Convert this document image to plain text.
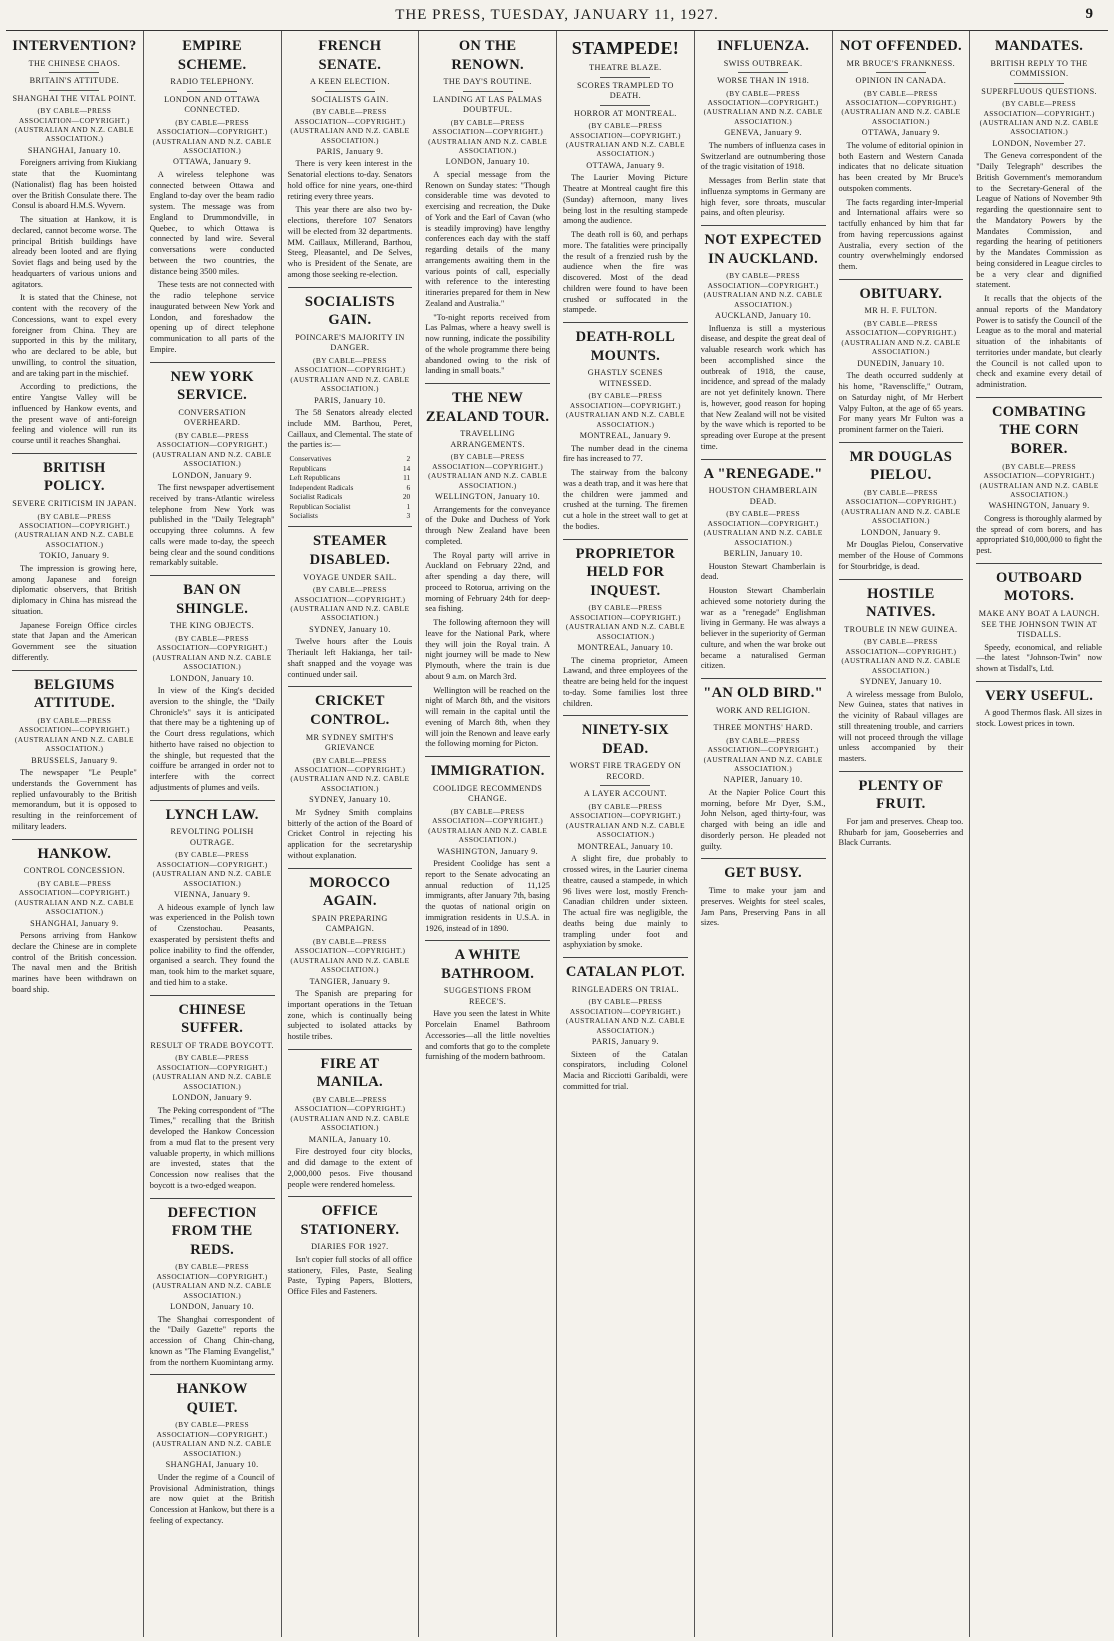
THE PRESS, TUESDAY, JANUARY 11, 1927.	9
INTERVENTION?
THE CHINESE CHAOS.
BRITAIN'S ATTITUDE.
SHANGHAI THE VITAL POINT.
(BY CABLE—PRESS ASSOCIATION—COPYRIGHT.) (AUSTRALIAN AND N.Z. CABLE ASSOCIATION.)
SHANGHAI, January 10.

Foreigners arriving from Kiukiang state that the Kuomintang (Nationalist) flag has been hoisted over the British Consulate there. The Consul is aboard H.M.S. Wyvern.

The situation at Hankow, it is declared, cannot become worse. The principal British buildings have already been looted and are flying Soviet flags and being used by the headquarters of various unions and agitators.

It is stated that the Chinese, not content with the recovery of the Concessions, want to expel every foreigner from China. They are supported in this by the military, who are declared to be able, but unwilling, to control the situation, and are taking part in the mischief.

According to predictions, the entire Yangtse Valley will be influenced by Hankow events, and the present wave of anti-foreign feeling and violence will run its course until it reaches Shanghai.

BRITISH POLICY.
SEVERE CRITICISM IN JAPAN.
(BY CABLE—PRESS ASSOCIATION—COPYRIGHT.) (AUSTRALIAN AND N.Z. CABLE ASSOCIATION.)
TOKIO, January 9.

The impression is growing here, among Japanese and foreign diplomatic observers, that British diplomacy in China has misread the situation.

Japanese Foreign Office circles state that Japan and the American Government see the situation differently.

BELGIUMS ATTITUDE.
(BY CABLE—PRESS ASSOCIATION—COPYRIGHT.) (AUSTRALIAN AND N.Z. CABLE ASSOCIATION.)
BRUSSELS, January 9.

The newspaper "Le Peuple" understands the Government has replied unfavourably to the British memorandum, but it is opposed to resulting in the reinforcement of military leaders.

HANKOW.
CONTROL CONCESSION.
(BY CABLE—PRESS ASSOCIATION—COPYRIGHT.) (AUSTRALIAN AND N.Z. CABLE ASSOCIATION.)
SHANGHAI, January 9.

Persons arriving from Hankow declare the Chinese are in complete control of the British concession. The naval men and the British marines have been withdrawn on board ship.

EMPIRE SCHEME.
RADIO TELEPHONY.
LONDON AND OTTAWA CONNECTED.
(BY CABLE—PRESS ASSOCIATION—COPYRIGHT.) (AUSTRALIAN AND N.Z. CABLE ASSOCIATION.)
OTTAWA, January 9.

A wireless telephone was connected between Ottawa and England to-day over the beam radio system. The message was from England to Drummondville, in Quebec, to which Ottawa is connected by land wire. Several conversations were conducted between the two countries, the distance being 3500 miles.

These tests are not connected with the radio telephone service inaugurated between New York and London, and foreshadow the opening up of direct telephone communication to all parts of the Empire.

NEW YORK SERVICE.
CONVERSATION OVERHEARD.
(BY CABLE—PRESS ASSOCIATION—COPYRIGHT.) (AUSTRALIAN AND N.Z. CABLE ASSOCIATION.)
LONDON, January 9.

The first newspaper advertisement received by trans-Atlantic wireless telephone from New York was published in the "Daily Telegraph" occupying three columns. A few calls were made to-day, the speech being clear and the sound conditions remarkably suitable.

BAN ON SHINGLE.
THE KING OBJECTS.
(BY CABLE—PRESS ASSOCIATION—COPYRIGHT.) (AUSTRALIAN AND N.Z. CABLE ASSOCIATION.)
LONDON, January 10.

In view of the King's decided aversion to the shingle, the "Daily Chronicle's" says it is anticipated that there may be a tightening up of the Court dress regulations, which hitherto have raised no objection to the shingle, but requested that the coiffure be arranged in order not to interfere with the correct adjustments of plumes and veils.

LYNCH LAW.
REVOLTING POLISH OUTRAGE.
(BY CABLE—PRESS ASSOCIATION—COPYRIGHT.) (AUSTRALIAN AND N.Z. CABLE ASSOCIATION.)
VIENNA, January 9.

A hideous example of lynch law was experienced in the Polish town of Czenstochau. Peasants, exasperated by persistent thefts and police inability to find the offender, organised a search. They found the man, took him to the market square, and tied him to a stake.

CHINESE SUFFER.
RESULT OF TRADE BOYCOTT.
(BY CABLE—PRESS ASSOCIATION—COPYRIGHT.) (AUSTRALIAN AND N.Z. CABLE ASSOCIATION.)
LONDON, January 9.

The Peking correspondent of "The Times," recalling that the British developed the Hankow Concession from a mud flat to the present very valuable property, in which millions are invested, states that the Concession now realises that the boycott is a two-edged weapon.

DEFECTION FROM THE REDS.
(BY CABLE—PRESS ASSOCIATION—COPYRIGHT.) (AUSTRALIAN AND N.Z. CABLE ASSOCIATION.)
LONDON, January 10.

The Shanghai correspondent of the "Daily Gazette" reports the accession of Chang Chin-chang, known as "The Flaming Evangelist," from the northern Kuomintang army.

HANKOW QUIET.
(BY CABLE—PRESS ASSOCIATION—COPYRIGHT.) (AUSTRALIAN AND N.Z. CABLE ASSOCIATION.)
SHANGHAI, January 10.

Under the regime of a Council of Provisional Administration, things are now quiet at the British Concession at Hankow, but there is a feeling of expectancy.

FRENCH SENATE.
A KEEN ELECTION.
SOCIALISTS GAIN.
(BY CABLE—PRESS ASSOCIATION—COPYRIGHT.) (AUSTRALIAN AND N.Z. CABLE ASSOCIATION.)
PARIS, January 9.

There is very keen interest in the Senatorial elections to-day. Senators hold office for nine years, one-third retiring every three years.

This year there are also two by-elections, therefore 107 Senators will be elected from 32 departments. MM. Caillaux, Millerand, Barthou, Steeg, Pleasantel, and De Selves, who is President of the Senate, are among those seeking re-election.

SOCIALISTS GAIN.
POINCARE'S MAJORITY IN DANGER.
(BY CABLE—PRESS ASSOCIATION—COPYRIGHT.) (AUSTRALIAN AND N.Z. CABLE ASSOCIATION.)
PARIS, January 10.

The 58 Senators already elected include MM. Barthou, Peret, Caillaux, and Clemental. The state of the parties is:—

Conservatives	2
Republicans	14
Left Republicans	11
Independent Radicals	6
Socialist Radicals	20
Republican Socialist	1
Socialists	3
STEAMER DISABLED.
VOYAGE UNDER SAIL.
(BY CABLE—PRESS ASSOCIATION—COPYRIGHT.) (AUSTRALIAN AND N.Z. CABLE ASSOCIATION.)
SYDNEY, January 10.

Twelve hours after the Louis Theriault left Hakianga, her tail-shaft snapped and the voyage was continued under sail.

CRICKET CONTROL.
MR SYDNEY SMITH'S GRIEVANCE
(BY CABLE—PRESS ASSOCIATION—COPYRIGHT.) (AUSTRALIAN AND N.Z. CABLE ASSOCIATION.)
SYDNEY, January 10.

Mr Sydney Smith complains bitterly of the action of the Board of Cricket Control in rejecting his application for the secretaryship without explanation.

MOROCCO AGAIN.
SPAIN PREPARING CAMPAIGN.
(BY CABLE—PRESS ASSOCIATION—COPYRIGHT.) (AUSTRALIAN AND N.Z. CABLE ASSOCIATION.)
TANGIER, January 9.

The Spanish are preparing for important operations in the Tetuan zone, which is continually being subjected to isolated attacks by hostile tribes.

FIRE AT MANILA.
(BY CABLE—PRESS ASSOCIATION—COPYRIGHT.) (AUSTRALIAN AND N.Z. CABLE ASSOCIATION.)
MANILA, January 10.

Fire destroyed four city blocks, and did damage to the extent of 2,000,000 pesos. Five thousand people were rendered homeless.

OFFICE STATIONERY.
DIARIES FOR 1927.

Isn't copier full stocks of all office stationery, Files, Paste, Sealing Paste, Typing Papers, Blotters, Office Files and Fasteners.

ON THE RENOWN.
THE DAY'S ROUTINE.
LANDING AT LAS PALMAS DOUBTFUL.
(BY CABLE—PRESS ASSOCIATION—COPYRIGHT.) (AUSTRALIAN AND N.Z. CABLE ASSOCIATION.)
LONDON, January 10.

A special message from the Renown on Sunday states: "Though considerable time was devoted to exercising and recreation, the Duke of York and the Earl of Cavan (who is steadily improving) have lengthy conferences each day with the staff regarding details of the many arrangements awaiting them in the various points of call, especially with reference to the interesting itineraries prepared for them in New Zealand and Australia."

"To-night reports received from Las Palmas, where a heavy swell is now running, indicate the possibility of the whole programme there being abandoned owing to the risk of landing in small boats."

THE NEW ZEALAND TOUR.
TRAVELLING ARRANGEMENTS.
(BY CABLE—PRESS ASSOCIATION—COPYRIGHT.) (AUSTRALIAN AND N.Z. CABLE ASSOCIATION.)
WELLINGTON, January 10.

Arrangements for the conveyance of the Duke and Duchess of York through New Zealand have been completed.

The Royal party will arrive in Auckland on February 22nd, and after spending a day there, will proceed to Rotorua, arriving on the morning of February 24th for deep-sea fishing.

The following afternoon they will leave for the National Park, where they will join the Royal train. A night journey will be made to New Plymouth, where the train is due about 9 a.m. on March 3rd.

Wellington will be reached on the night of March 8th, and the visitors will remain in the capital until the evening of March 8th, when they will join the Renown and leave early the following morning for Picton.

IMMIGRATION.
COOLIDGE RECOMMENDS CHANGE.
(BY CABLE—PRESS ASSOCIATION—COPYRIGHT.) (AUSTRALIAN AND N.Z. CABLE ASSOCIATION.)
WASHINGTON, January 9.

President Coolidge has sent a report to the Senate advocating an annual reduction of 11,125 immigrants, after January 7th, basing the quotas of national origin on immigration residents in U.S.A. in 1926, instead of in 1890.

A WHITE BATHROOM.
SUGGESTIONS FROM REECE'S.

Have you seen the latest in White Porcelain Enamel Bathroom Accessories—all the little novelties and comforts that go to the complete furnishing of the modern bathroom.

STAMPEDE!
THEATRE BLAZE.
SCORES TRAMPLED TO DEATH.
HORROR AT MONTREAL.
(BY CABLE—PRESS ASSOCIATION—COPYRIGHT.) (AUSTRALIAN AND N.Z. CABLE ASSOCIATION.)
OTTAWA, January 9.

The Laurier Moving Picture Theatre at Montreal caught fire this (Sunday) afternoon, many lives being lost in the resulting stampede among the audience.

The death roll is 60, and perhaps more. The fatalities were principally the result of a frenzied rush by the audience when the fire was discovered. Most of the dead children were found to have been crushed or suffocated in the stampede.

DEATH-ROLL MOUNTS.
GHASTLY SCENES WITNESSED.
(BY CABLE—PRESS ASSOCIATION—COPYRIGHT.) (AUSTRALIAN AND N.Z. CABLE ASSOCIATION.)
MONTREAL, January 9.

The number dead in the cinema fire has increased to 77.

The stairway from the balcony was a death trap, and it was here that the children were jammed and crushed at the turning. The firemen cut a hole in the street wall to get at the bodies.

PROPRIETOR HELD FOR INQUEST.
(BY CABLE—PRESS ASSOCIATION—COPYRIGHT.) (AUSTRALIAN AND N.Z. CABLE ASSOCIATION.)
MONTREAL, January 10.

The cinema proprietor, Ameen Lawand, and three employees of the theatre are being held for the inquest to-day. Some families lost three children.

NINETY-SIX DEAD.
WORST FIRE TRAGEDY ON RECORD.
A LAYER ACCOUNT.
(BY CABLE—PRESS ASSOCIATION—COPYRIGHT.) (AUSTRALIAN AND N.Z. CABLE ASSOCIATION.)
MONTREAL, January 10.

A slight fire, due probably to crossed wires, in the Laurier cinema theatre, caused a stampede, in which 96 lives were lost, mostly French-Canadian children under sixteen. The actual fire was negligible, the deaths being due mainly to trampling under foot and asphyxiation by smoke.

CATALAN PLOT.
RINGLEADERS ON TRIAL.
(BY CABLE—PRESS ASSOCIATION—COPYRIGHT.) (AUSTRALIAN AND N.Z. CABLE ASSOCIATION.)
PARIS, January 9.

Sixteen of the Catalan conspirators, including Colonel Macia and Ricciotti Garibaldi, were committed for trial.

INFLUENZA.
SWISS OUTBREAK.
WORSE THAN IN 1918.
(BY CABLE—PRESS ASSOCIATION—COPYRIGHT.) (AUSTRALIAN AND N.Z. CABLE ASSOCIATION.)
GENEVA, January 9.

The numbers of influenza cases in Switzerland are outnumbering those of the tragic visitation of 1918.

Messages from Berlin state that influenza symptoms in Germany are high fever, sore throats, muscular pains, and often pleurisy.

NOT EXPECTED IN AUCKLAND.
(BY CABLE—PRESS ASSOCIATION—COPYRIGHT.) (AUSTRALIAN AND N.Z. CABLE ASSOCIATION.)
AUCKLAND, January 10.

Influenza is still a mysterious disease, and despite the great deal of valuable research work which has been accomplished since the outbreak of 1918, the cause, incidence, and spread of the malady are not yet definitely known. There is, however, good reason for hoping that New Zealand will not be visited by the wave which is reported to be spreading over Europe at the present time.

A "RENEGADE."
HOUSTON CHAMBERLAIN DEAD.
(BY CABLE—PRESS ASSOCIATION—COPYRIGHT.) (AUSTRALIAN AND N.Z. CABLE ASSOCIATION.)
BERLIN, January 10.

Houston Stewart Chamberlain is dead.

Houston Stewart Chamberlain achieved some notoriety during the war as a "renegade" Englishman living in Germany. He was always a believer in the superiority of German culture, and when the war broke out became a naturalised German citizen.

"AN OLD BIRD."
WORK AND RELIGION.
THREE MONTHS' HARD.
(BY CABLE—PRESS ASSOCIATION—COPYRIGHT.) (AUSTRALIAN AND N.Z. CABLE ASSOCIATION.)
NAPIER, January 10.

At the Napier Police Court this morning, before Mr Dyer, S.M., John Nelson, aged thirty-four, was charged with being an idle and disorderly person. He pleaded not guilty.

GET BUSY.

Time to make your jam and preserves. Weights for steel scales, Jam Pans, Preserving Pans in all sizes.

NOT OFFENDED.
MR BRUCE'S FRANKNESS.
OPINION IN CANADA.
(BY CABLE—PRESS ASSOCIATION—COPYRIGHT.) (AUSTRALIAN AND N.Z. CABLE ASSOCIATION.)
OTTAWA, January 9.

The volume of editorial opinion in both Eastern and Western Canada indicates that no delicate situation has been created by Mr Bruce's outspoken comments.

The facts regarding inter-Imperial and International affairs were so tactfully enhanced by him that far from having repercussions against Australia, every section of the country overwhelmingly endorsed them.

OBITUARY.
MR H. F. FULTON.
(BY CABLE—PRESS ASSOCIATION—COPYRIGHT.) (AUSTRALIAN AND N.Z. CABLE ASSOCIATION.)
DUNEDIN, January 10.

The death occurred suddenly at his home, "Ravenscliffe," Outram, on Saturday night, of Mr Herbert Valpy Fulton, at the age of 65 years. For many years Mr Fulton was a prominent farmer on the Taieri.

MR DOUGLAS PIELOU.
(BY CABLE—PRESS ASSOCIATION—COPYRIGHT.) (AUSTRALIAN AND N.Z. CABLE ASSOCIATION.)
LONDON, January 9.

Mr Douglas Pielou, Conservative member of the House of Commons for Stourbridge, is dead.

HOSTILE NATIVES.
TROUBLE IN NEW GUINEA.
(BY CABLE—PRESS ASSOCIATION—COPYRIGHT.) (AUSTRALIAN AND N.Z. CABLE ASSOCIATION.)
SYDNEY, January 10.

A wireless message from Bulolo, New Guinea, states that natives in the vicinity of Rabaul villages are still threatening trouble, and carriers will not proceed through the village unless accompanied by their masters.

PLENTY OF FRUIT.

For jam and preserves. Cheap too. Rhubarb for jam, Gooseberries and Black Currants.

MANDATES.
BRITISH REPLY TO THE COMMISSION.
SUPERFLUOUS QUESTIONS.
(BY CABLE—PRESS ASSOCIATION—COPYRIGHT.) (AUSTRALIAN AND N.Z. CABLE ASSOCIATION.)
LONDON, November 27.

The Geneva correspondent of the "Daily Telegraph" describes the British Government's memorandum to the Secretary-General of the League of Nations of November 9th regarding the questionnaire sent to the Mandatory Powers by the Mandates Commission, and regarding the hearing of petitioners by the Mandates Commission as being considered in League circles to be a very clear and dignified statement.

It recalls that the objects of the annual reports of the Mandatory Power is to satisfy the Council of the League as to the moral and material situation of the inhabitants of territories under mandate, but clearly the Council is not called upon to check and examine every detail of administration.

COMBATING THE CORN BORER.
(BY CABLE—PRESS ASSOCIATION—COPYRIGHT.) (AUSTRALIAN AND N.Z. CABLE ASSOCIATION.)
WASHINGTON, January 9.

Congress is thoroughly alarmed by the spread of corn borers, and has appropriated $10,000,000 to fight the pest.

OUTBOARD MOTORS.
MAKE ANY BOAT A LAUNCH. SEE THE JOHNSON TWIN AT TISDALLS.

Speedy, economical, and reliable—the latest "Johnson-Twin" now shown at Tisdall's, Ltd.

VERY USEFUL.

A good Thermos flask. All sizes in stock. Lowest prices in town.
